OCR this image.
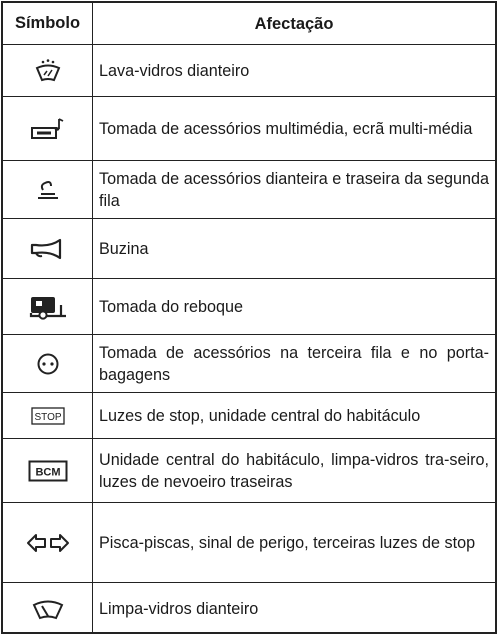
Símbolo	Afectação
Lava-vidros dianteiro
Tomada de acessórios multimédia, ecrã multi-média
Tomada de acessórios dianteira e traseira da segunda fila
Buzina
Tomada do reboque
Tomada de acessórios na terceira fila e no porta-bagagens
STOP Luzes de stop, unidade central do habitáculo
BCM
Unidade central do habitáculo, limpa-vidros tra-seiro, luzes de nevoeiro traseiras
Pisca-piscas, sinal de perigo, terceiras luzes de stop
Limpa-vidros dianteiro
